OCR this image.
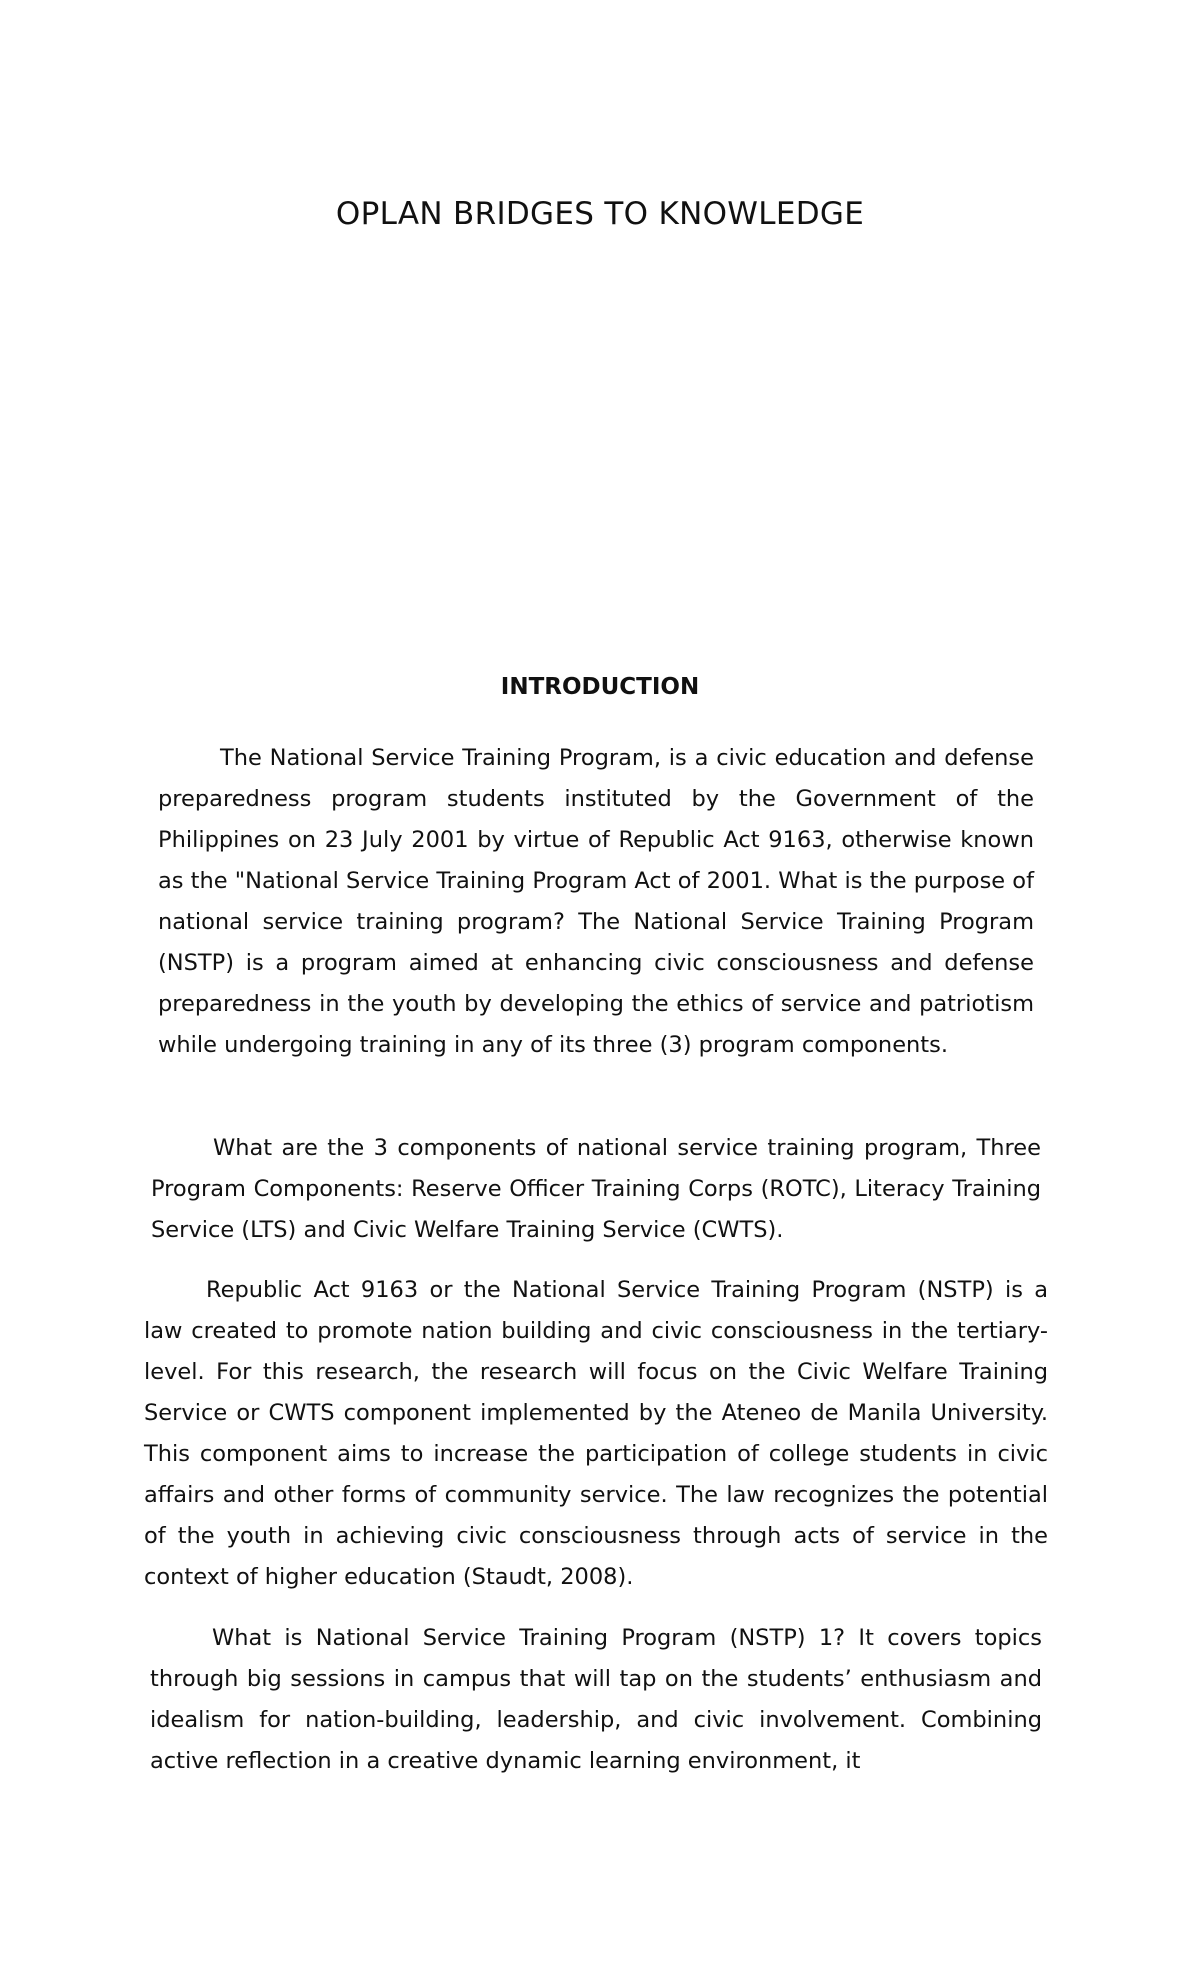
OPLAN BRIDGES TO KNOWLEDGE
INTRODUCTION

The National Service Training Program, is a civic education and defense preparedness program students instituted by the Government of the Philippines on 23 July 2001 by virtue of Republic Act 9163, otherwise known as the "National Service Training Program Act of 2001. What is the purpose of national service training program? The National Service Training Program (NSTP) is a program aimed at enhancing civic consciousness and defense preparedness in the youth by developing the ethics of service and patriotism while undergoing training in any of its three (3) program components.

What are the 3 components of national service training program, Three Program Components: Reserve Officer Training Corps (ROTC), Literacy Training Service (LTS) and Civic Welfare Training Service (CWTS).

Republic Act 9163 or the National Service Training Program (NSTP) is a law created to promote nation building and civic consciousness in the tertiary-level. For this research, the research will focus on the Civic Welfare Training Service or CWTS component implemented by the Ateneo de Manila University. This component aims to increase the participation of college students in civic affairs and other forms of community service. The law recognizes the potential of the youth in achieving civic consciousness through acts of service in the context of higher education (Staudt, 2008).

What is National Service Training Program (NSTP) 1? It covers topics through big sessions in campus that will tap on the students’ enthusiasm and idealism for nation-building, leadership, and civic involvement. Combining active reflection in a creative dynamic learning environment, it
